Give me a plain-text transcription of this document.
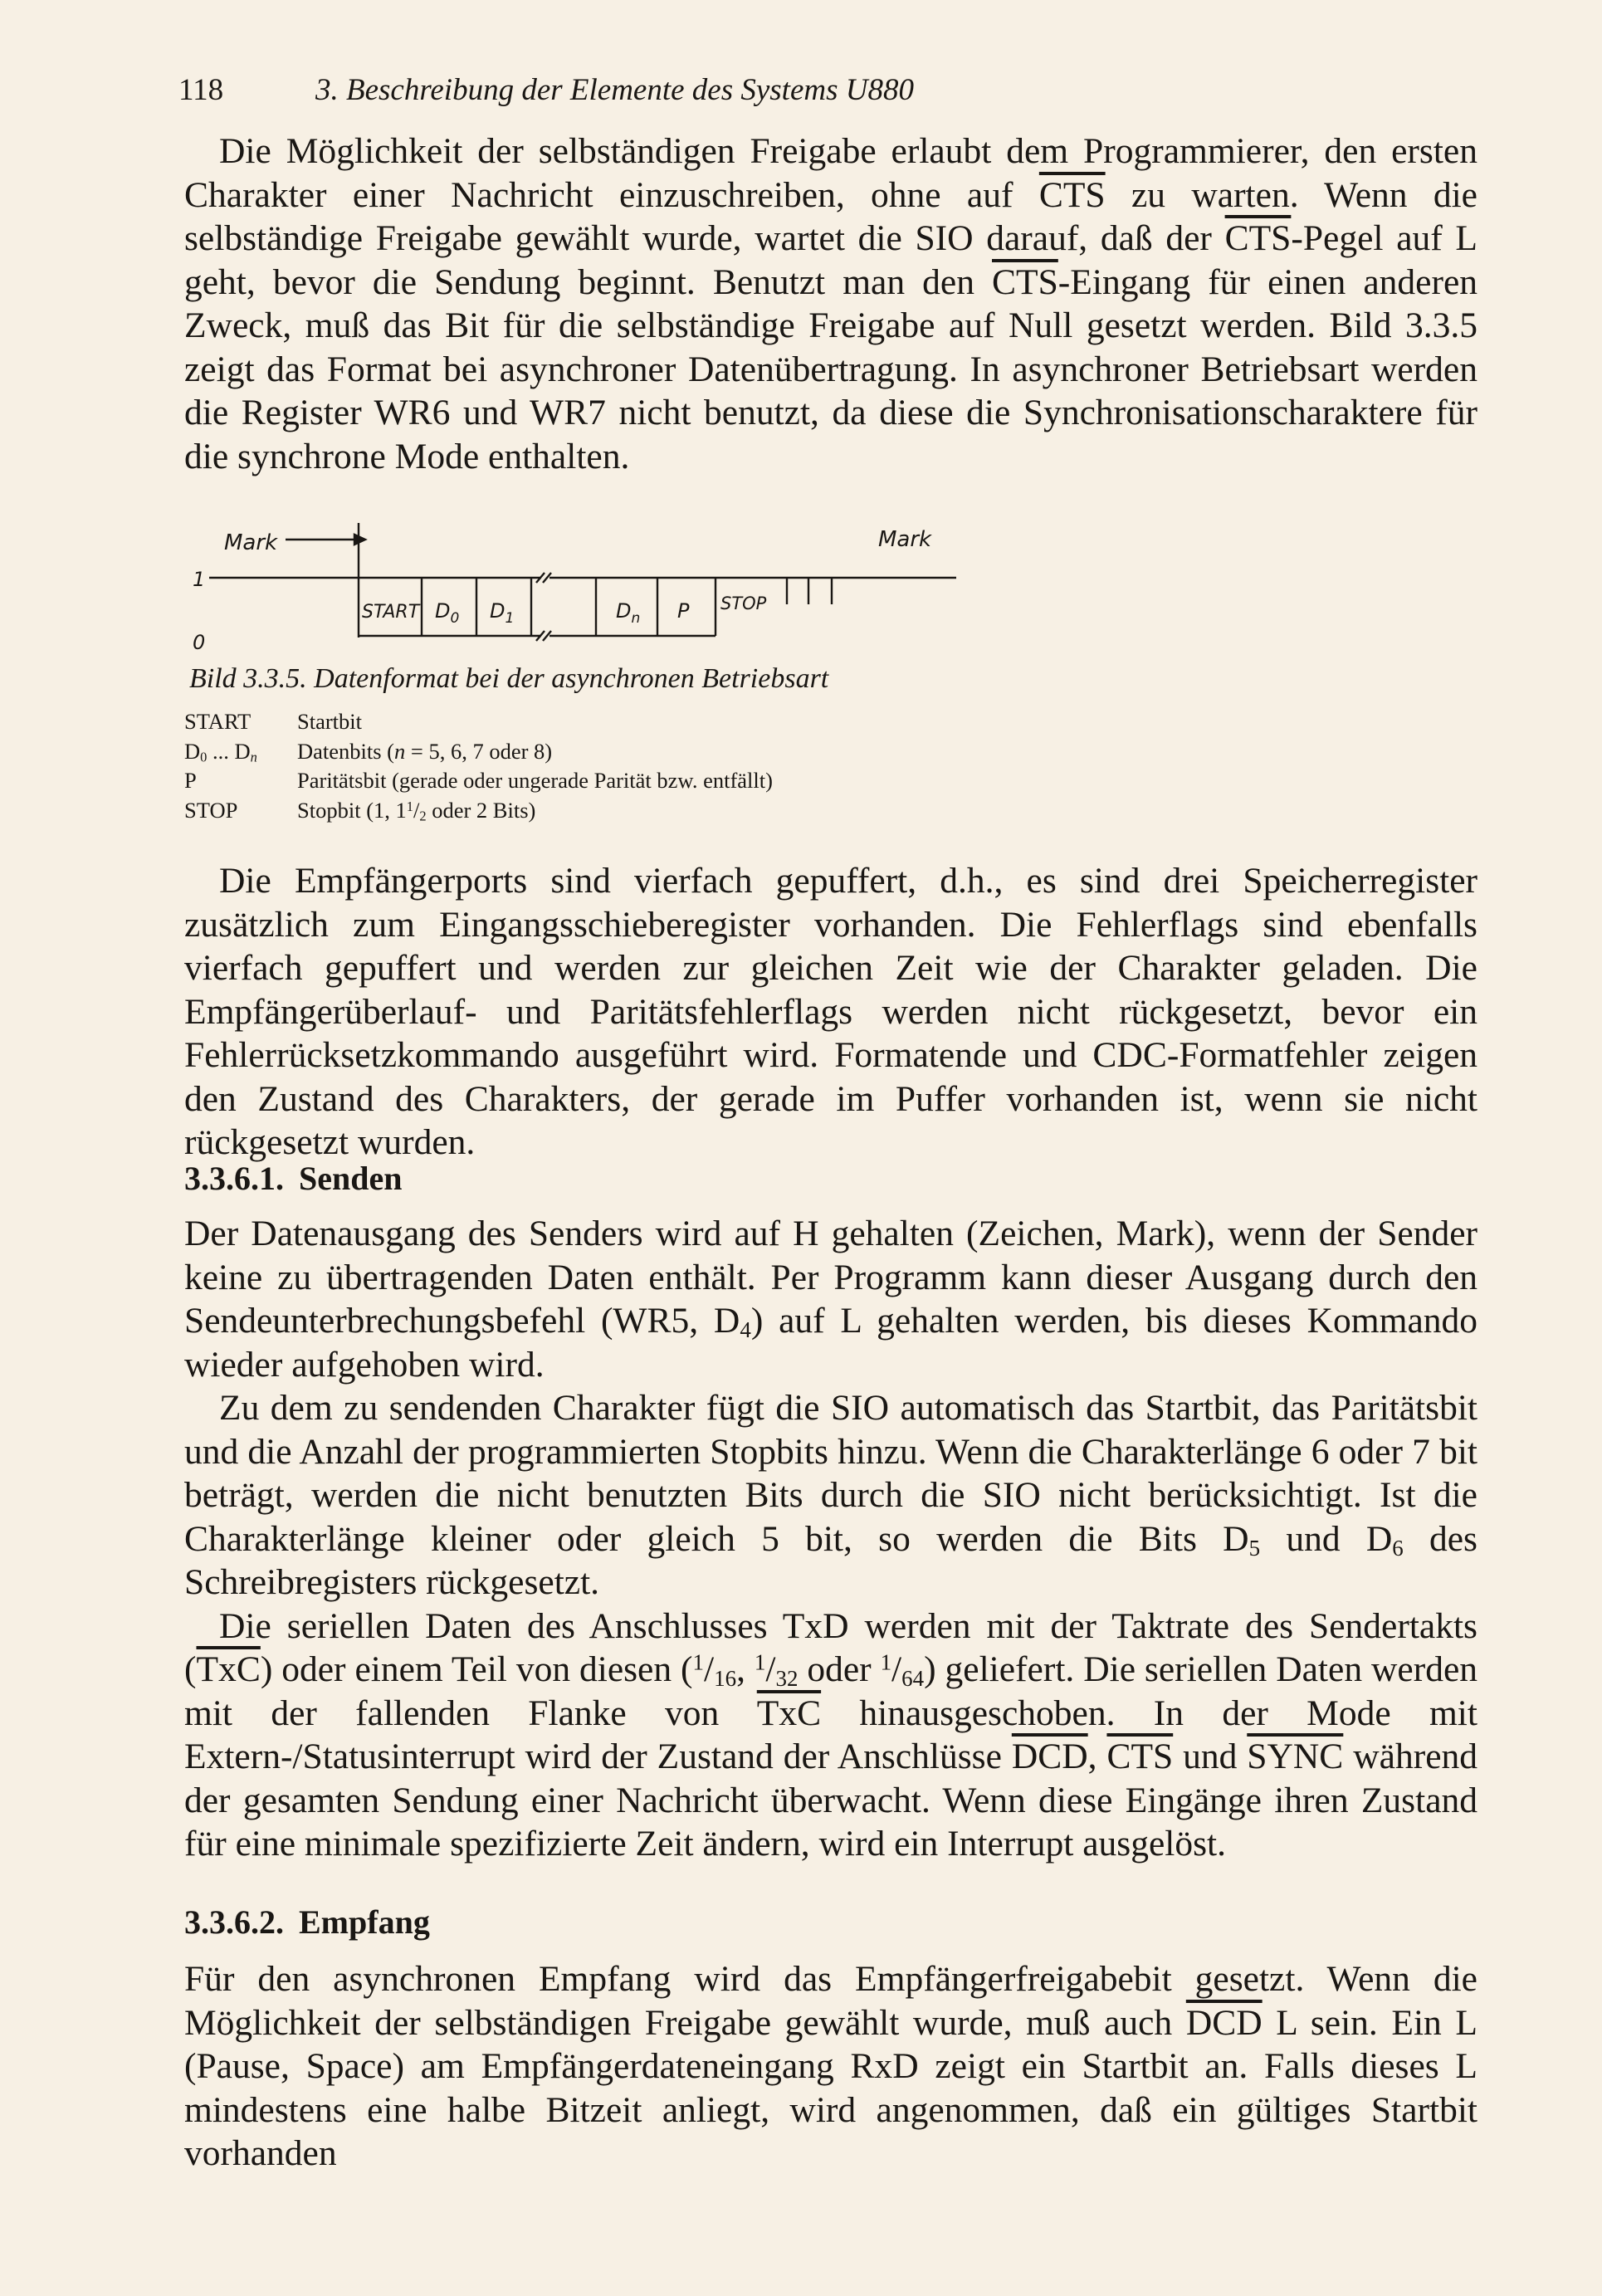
118	3. Beschreibung der Elemente des Systems U880

Die Möglichkeit der selbständigen Freigabe erlaubt dem Programmierer, den ersten Charakter einer Nachricht einzuschreiben, ohne auf $\overline{CTS}$ zu warten. Wenn die selbständige Freigabe gewählt wurde, wartet die SIO darauf, daß der $\overline{CTS}$-Pegel auf L geht, bevor die Sendung beginnt. Benutzt man den $\overline{CTS}$-Eingang für einen anderen Zweck, muß das Bit für die selbständige Freigabe auf Null gesetzt werden. Bild 3.3.5 zeigt das Format bei asynchroner Datenübertragung. In asynchroner Betriebsart werden die Register WR6 und WR7 nicht benutzt, da diese die Synchronisationscharaktere für die synchrone Mode enthalten.

Mark	Mark
1
0
START $D_0$ $D_1$	$D_n$ P STOP
Bild 3.3.5. Datenformat bei der asynchronen Betriebsart
START	Startbit
$D_0$ ... $D_n$	Datenbits (n = 5, 6, 7 oder 8)
P	Paritätsbit (gerade oder ungerade Parität bzw. entfällt)
STOP	Stopbit (1, $1^1/_2$ oder 2 Bits)

Die Empfängerports sind vierfach gepuffert, d.h., es sind drei Speicherregister zusätzlich zum Eingangsschieberegister vorhanden. Die Fehlerflags sind ebenfalls vierfach gepuffert und werden zur gleichen Zeit wie der Charakter geladen. Die Empfängerüberlauf- und Paritätsfehlerflags werden nicht rückgesetzt, bevor ein Fehlerrücksetzkommando ausgeführt wird. Formatende und CDC-Formatfehler zeigen den Zustand des Charakters, der gerade im Puffer vorhanden ist, wenn sie nicht rückgesetzt wurden.

3.3.6.1. Senden

Der Datenausgang des Senders wird auf H gehalten (Zeichen, Mark), wenn der Sender keine zu übertragenden Daten enthält. Per Programm kann dieser Ausgang durch den Sendeunterbrechungsbefehl (WR5, $D_4$) auf L gehalten werden, bis dieses Kommando wieder aufgehoben wird.

Zu dem zu sendenden Charakter fügt die SIO automatisch das Startbit, das Paritätsbit und die Anzahl der programmierten Stopbits hinzu. Wenn die Charakterlänge 6 oder 7 bit beträgt, werden die nicht benutzten Bits durch die SIO nicht berücksichtigt. Ist die Charakterlänge kleiner oder gleich 5 bit, so werden die Bits $D_5$ und $D_6$ des Schreibregisters rückgesetzt.

Die seriellen Daten des Anschlusses TxD werden mit der Taktrate des Sendertakts $(\overline{TxC})$ oder einem Teil von diesen ($^1/_{16}$, $^1/_{32}$ oder $^1/_{64}$) geliefert. Die seriellen Daten werden mit der fallenden Flanke von $\overline{TxC}$ hinausgeschoben. In der Mode mit Extern-/Statusinterrupt wird der Zustand der Anschlüsse $\overline{DCD}$, $\overline{CTS}$ und SYNC während der gesamten Sendung einer Nachricht überwacht. Wenn diese Eingänge ihren Zustand für eine minimale spezifizierte Zeit ändern, wird ein Interrupt ausgelöst.

3.3.6.2. Empfang

Für den asynchronen Empfang wird das Empfängerfreigabebit gesetzt. Wenn die Möglichkeit der selbständigen Freigabe gewählt wurde, muß auch $\overline{DCD}$ L sein. Ein L (Pause, Space) am Empfängerdateneingang RxD zeigt ein Startbit an. Falls dieses L mindestens eine halbe Bitzeit anliegt, wird angenommen, daß ein gültiges Startbit vorhanden
